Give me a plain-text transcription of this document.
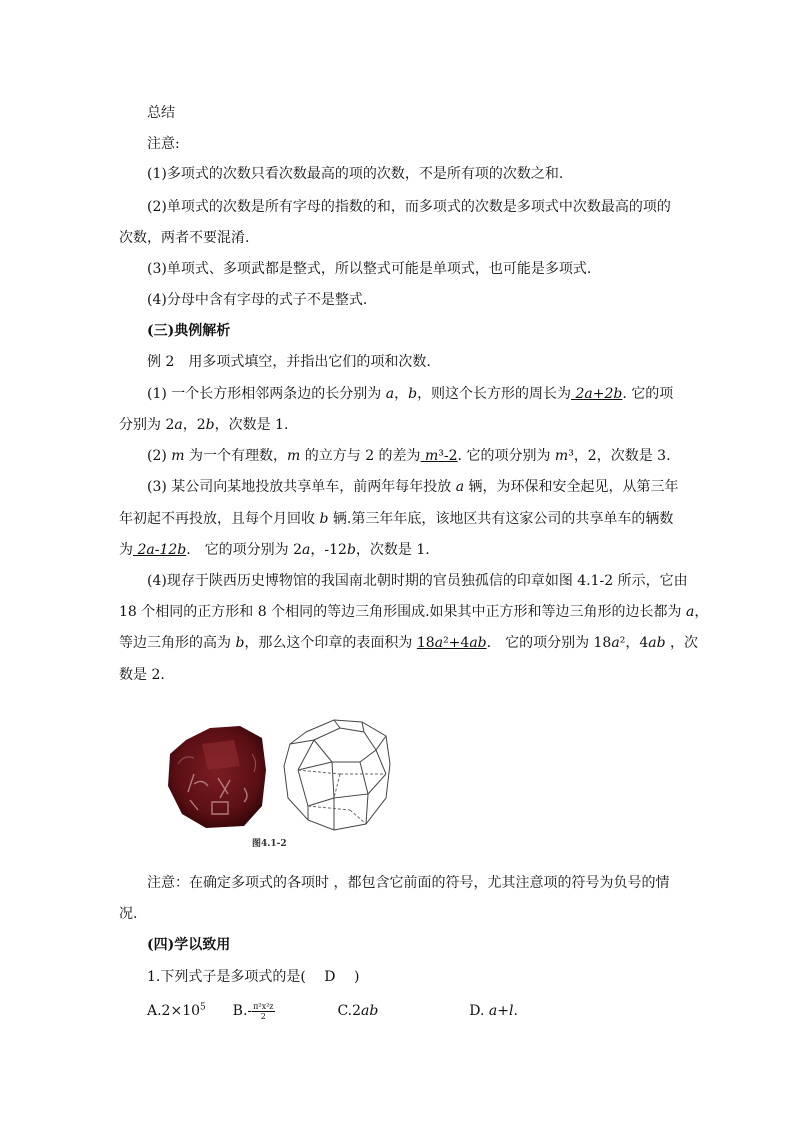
总结
注意:
(1)多项式的次数只看次数最高的项的次数，不是所有项的次数之和.
(2)单项式的次数是所有字母的指数的和，而多项式的次数是多项式中次数最高的项的
次数，两者不要混淆.
(3)单项式、多项武都是整式，所以整式可能是单项式，也可能是多项式.
(4)分母中含有字母的式子不是整式.
(三)典例解析
例 2　用多项式填空，并指出它们的项和次数.
(1) 一个长方形相邻两条边的长分别为 a，b，则这个长方形的周长为 2a+2b. 它的项
分别为 2a，2b，次数是 1.
(2) m 为一个有理数，m 的立方与 2 的差为 m³-2. 它的项分别为 m³，2，次数是 3.
(3) 某公司向某地投放共享单车，前两年每年投放 a 辆，为环保和安全起见，从第三年
年初起不再投放，且每个月回收 b 辆.第三年年底，该地区共有这家公司的共享单车的辆数
为 2a-12b.　它的项分别为 2a，-12b，次数是 1.
(4)现存于陕西历史博物馆的我国南北朝时期的官员独孤信的印章如图 4.1-2 所示，它由
18 个相同的正方形和 8 个相同的等边三角形围成.如果其中正方形和等边三角形的边长都为 a，
等边三角形的高为 b，那么这个印章的表面积为 18a²+4ab.　它的项分别为 18a²，4ab ，次
数是 2.
图4.1-2
注意：在确定多项式的各项时 ，都包含它前面的符号，尤其注意项的符号为负号的情
况.
(四)学以致用
1.下列式子是多项式的是(　 D　 )
$A.2\times 10^5$ $B.- \frac{\text{π²x²z}}{2}$	C.2ab	D. a+l.
